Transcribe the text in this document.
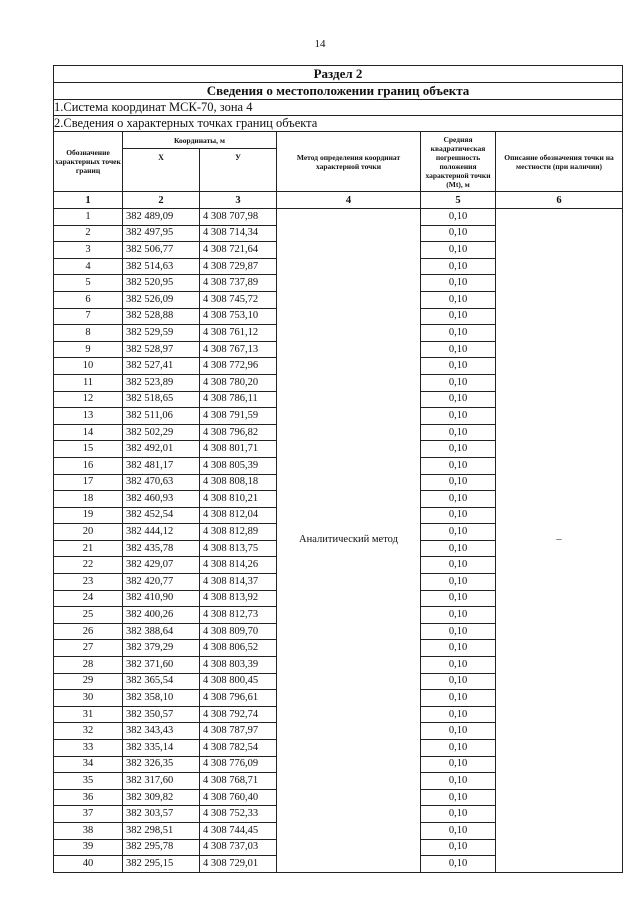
14
Раздел 2					
Сведения о местоположении границ объекта					
1.Система координат МСК-70, зона 4					
2.Сведения о характерных точках границ объекта					
Обозначение характерных точек границ	Координаты, м		Метод определения координат характерной точки	Средняя квадратическая погрешность положения характерной точки (Mt), м	Описание обозначения точки на местности (при наличии)
	Х	У			
1	2	3	4	5	6
1	382 489,09	4 308 707,98	Аналитический метод	0,10	–
2	382 497,95	4 308 714,34		0,10	
3	382 506,77	4 308 721,64		0,10	
4	382 514,63	4 308 729,87		0,10	
5	382 520,95	4 308 737,89		0,10	
6	382 526,09	4 308 745,72		0,10	
7	382 528,88	4 308 753,10		0,10	
8	382 529,59	4 308 761,12		0,10	
9	382 528,97	4 308 767,13		0,10	
10	382 527,41	4 308 772,96		0,10	
11	382 523,89	4 308 780,20		0,10	
12	382 518,65	4 308 786,11		0,10	
13	382 511,06	4 308 791,59		0,10	
14	382 502,29	4 308 796,82		0,10	
15	382 492,01	4 308 801,71		0,10	
16	382 481,17	4 308 805,39		0,10	
17	382 470,63	4 308 808,18		0,10	
18	382 460,93	4 308 810,21		0,10	
19	382 452,54	4 308 812,04		0,10	
20	382 444,12	4 308 812,89		0,10	
21	382 435,78	4 308 813,75		0,10	
22	382 429,07	4 308 814,26		0,10	
23	382 420,77	4 308 814,37		0,10	
24	382 410,90	4 308 813,92		0,10	
25	382 400,26	4 308 812,73		0,10	
26	382 388,64	4 308 809,70		0,10	
27	382 379,29	4 308 806,52		0,10	
28	382 371,60	4 308 803,39		0,10	
29	382 365,54	4 308 800,45		0,10	
30	382 358,10	4 308 796,61		0,10	
31	382 350,57	4 308 792,74		0,10	
32	382 343,43	4 308 787,97		0,10	
33	382 335,14	4 308 782,54		0,10	
34	382 326,35	4 308 776,09		0,10	
35	382 317,60	4 308 768,71		0,10	
36	382 309,82	4 308 760,40		0,10	
37	382 303,57	4 308 752,33		0,10	
38	382 298,51	4 308 744,45		0,10	
39	382 295,78	4 308 737,03		0,10	
40	382 295,15	4 308 729,01		0,10	
